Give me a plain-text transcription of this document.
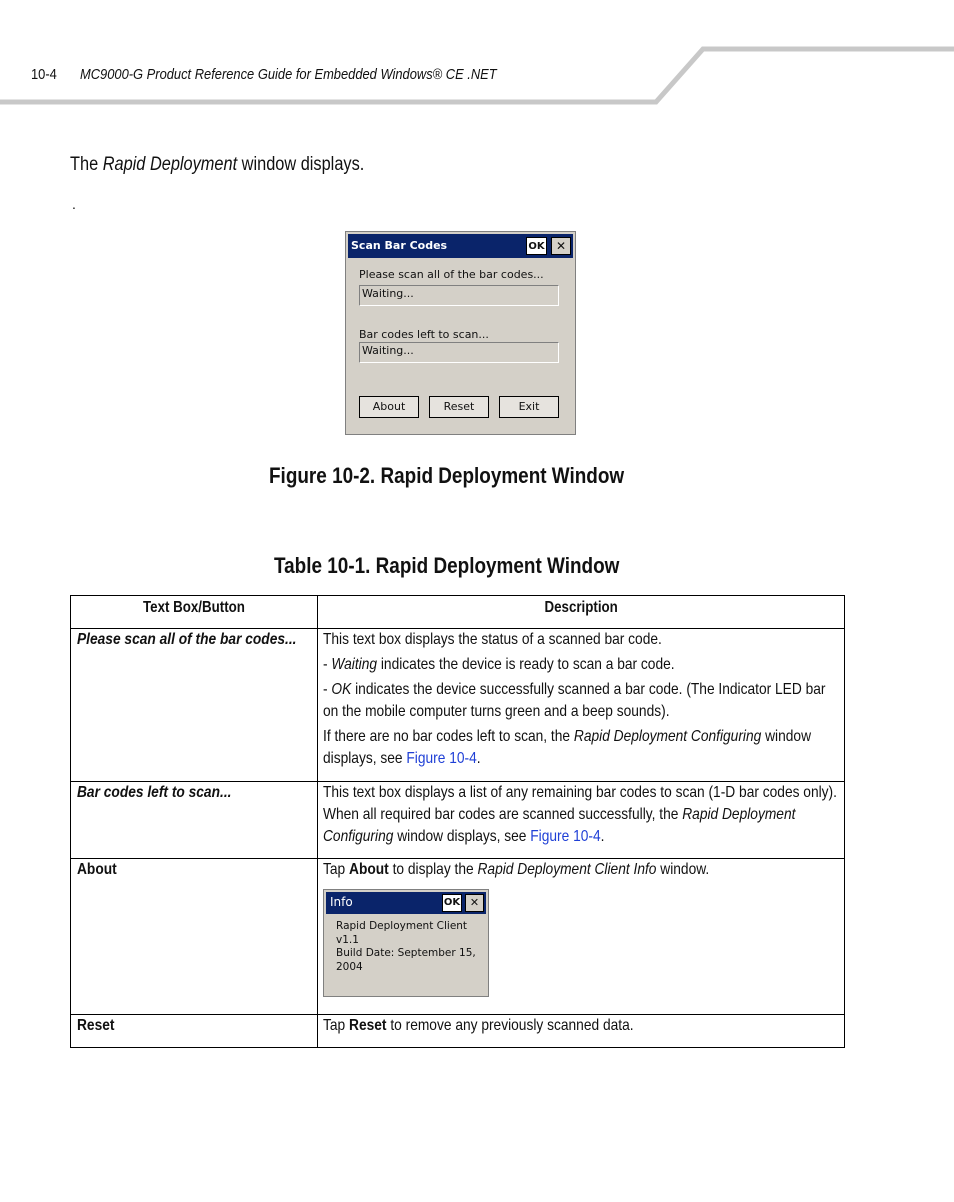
10-4 MC9000-G Product Reference Guide for Embedded Windows® CE .NET
The Rapid Deployment window displays.
.
Scan Bar Codes	OK ✕
Please scan all of the bar codes...
Waiting...
Bar codes left to scan...
Waiting...
About	Reset	Exit
Figure 10-2. Rapid Deployment Window
Table 10-1. Rapid Deployment Window
Text Box/Button	Description
Please scan all of the bar codes...	This text box displays the status of a scanned bar code.

- Waiting indicates the device is ready to scan a bar code.

- OK indicates the device successfully scanned a bar code. (The Indicator LED bar on the mobile computer turns green and a beep sounds).

If there are no bar codes left to scan, the Rapid Deployment Configuring window displays, see Figure 10-4.

Bar codes left to scan...	This text box displays a list of any remaining bar codes to scan (1-D bar codes only). When all required bar codes are scanned successfully, the Rapid Deployment Configuring window displays, see Figure 10-4.
About	Tap About to display the Rapid Deployment Client Info window.
Info	OK ✕
Rapid Deployment Client
v1.1
Build Date: September 15,
2004
Reset	Tap Reset to remove any previously scanned data.
